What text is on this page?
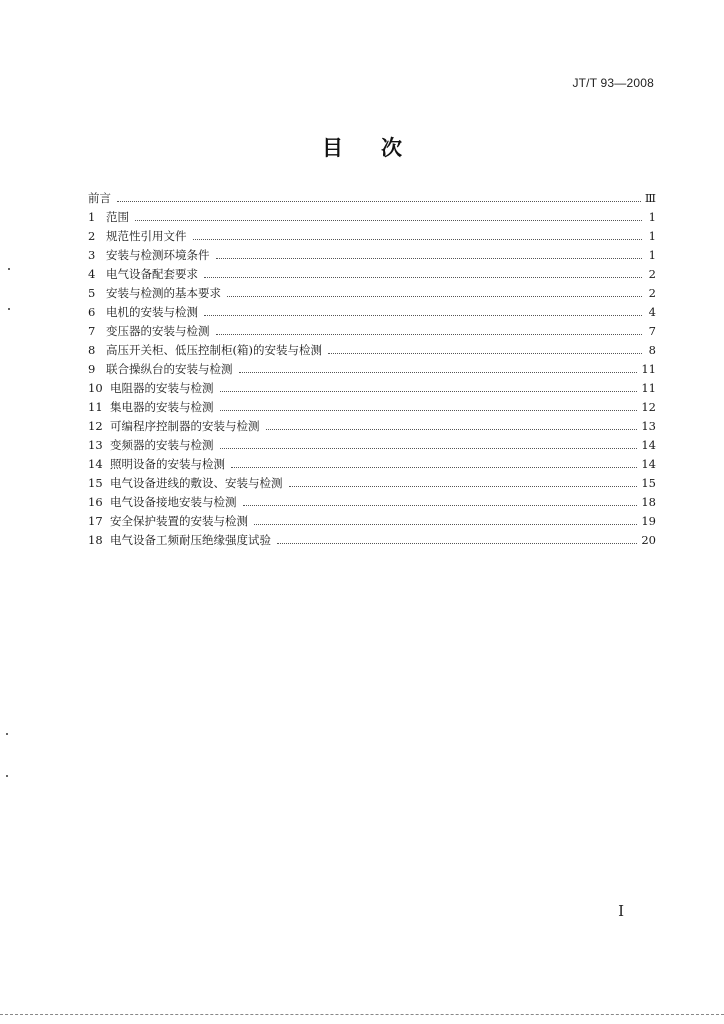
JT/T 93—2008
目 次
前言	Ⅲ
1 范围	1
2 规范性引用文件	1
3 安装与检测环境条件	1
4 电气设备配套要求	2
5 安装与检测的基本要求	2
6 电机的安装与检测	4
7 变压器的安装与检测	7
8 高压开关柜、低压控制柜(箱)的安装与检测	8
9 联合操纵台的安装与检测	11
10 电阻器的安装与检测	11
11 集电器的安装与检测	12
12 可编程序控制器的安装与检测	13
13 变频器的安装与检测	14
14 照明设备的安装与检测	14
15 电气设备进线的敷设、安装与检测	15
16 电气设备接地安装与检测	18
17 安全保护装置的安装与检测	19
18 电气设备工频耐压绝缘强度试验	20
Ⅰ
